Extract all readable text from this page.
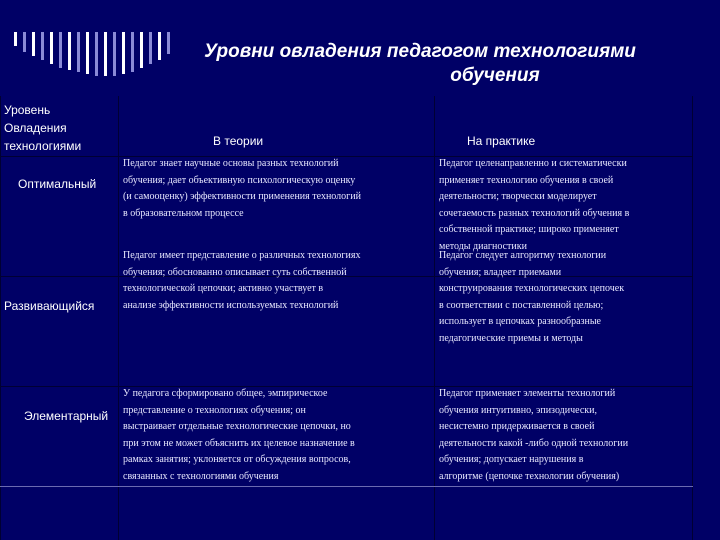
Уровни овладения педагогом технологиями
обучения
Уровень
Овладения
технологиями	В теории	На практике
Оптимальный
Педагог знает научные основы разных технологий
обучения; дает объективную психологическую оценку
(и самооценку) эффективности применения технологий
в образовательном процессе
Педагог целенаправленно и систематически
применяет технологию обучения в своей
деятельности; творчески моделирует
сочетаемость разных технологий обучения в
собственной практике; широко применяет
методы диагностики
Развивающийся
Педагог имеет представление о различных технологиях
обучения; обоснованно описывает суть собственной
технологической цепочки; активно участвует в
анализе эффективности используемых технологий
Педагог следует алгоритму технологии
обучения; владеет приемами
конструирования технологических цепочек
в соответствии с поставленной целью;
использует в цепочках разнообразные
педагогические приемы и методы
Элементарный
У педагога сформировано общее, эмпирическое
представление о технологиях обучения; он
выстраивает отдельные технологические цепочки, но
при этом не может объяснить их целевое назначение в
рамках занятия; уклоняется от обсуждения вопросов,
связанных с технологиями обучения
Педагог применяет элементы технологий
обучения интуитивно, эпизодически,
несистемно придерживается в своей
деятельности какой -либо одной технологии
обучения; допускает нарушения в
алгоритме (цепочке технологии обучения)
